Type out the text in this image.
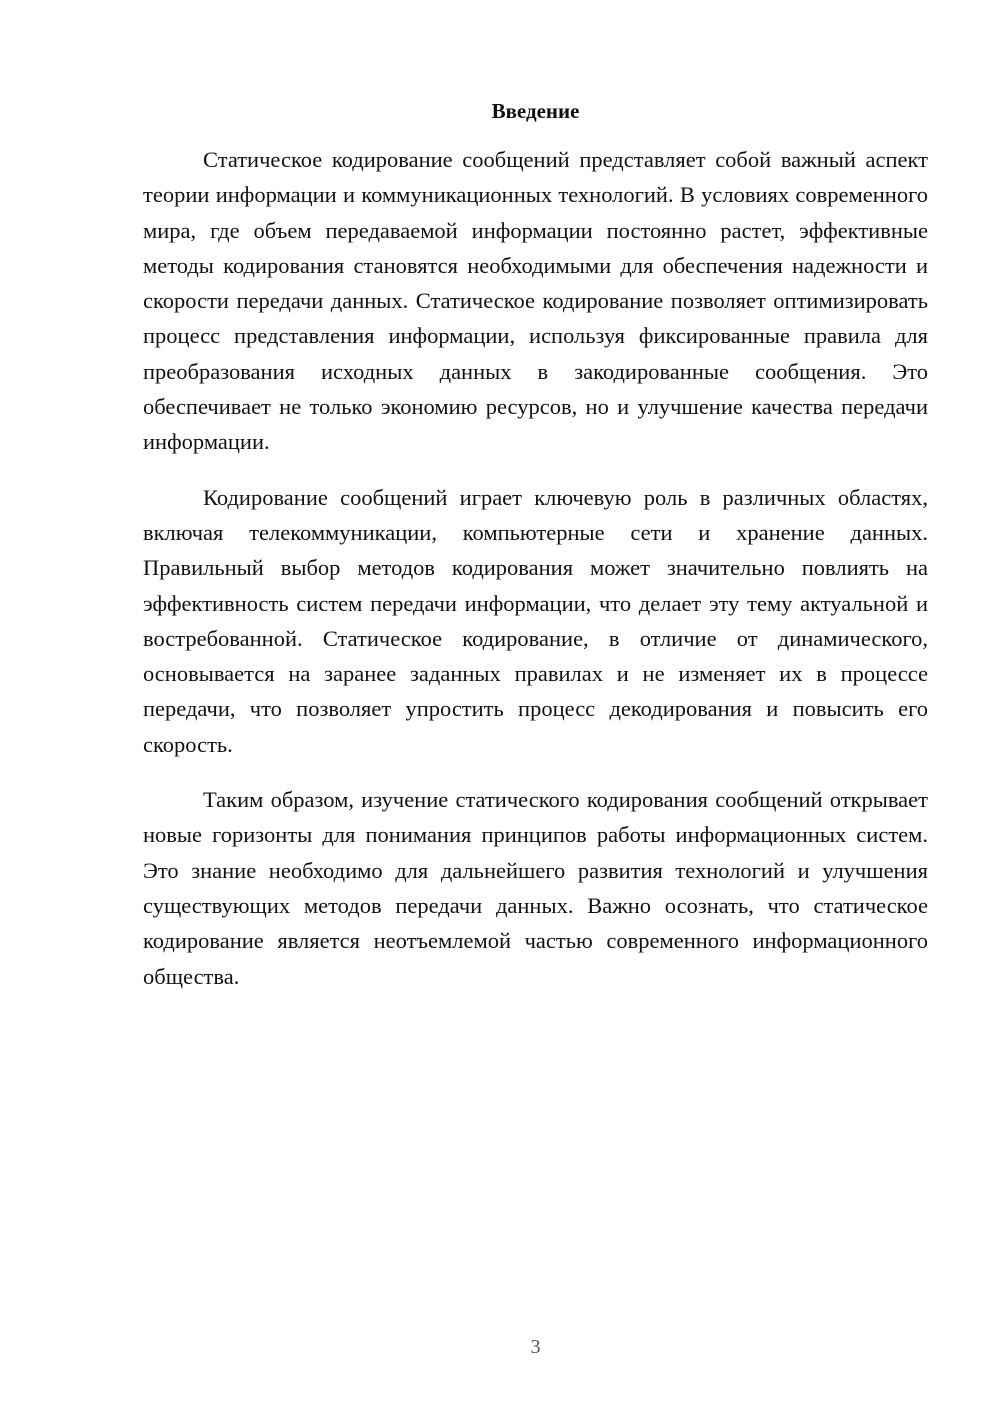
Введение

Статическое кодирование сообщений представляет собой важный аспект теории информации и коммуникационных технологий. В условиях современного мира, где объем передаваемой информации постоянно растет, эффективные методы кодирования становятся необходимыми для обеспечения надежности и скорости передачи данных. Статическое кодирование позволяет оптимизировать процесс представления информации, используя фиксированные правила для преобразования исходных данных в закодированные сообщения. Это обеспечивает не только экономию ресурсов, но и улучшение качества передачи информации.

Кодирование сообщений играет ключевую роль в различных областях, включая телекоммуникации, компьютерные сети и хранение данных. Правильный выбор методов кодирования может значительно повлиять на эффективность систем передачи информации, что делает эту тему актуальной и востребованной. Статическое кодирование, в отличие от динамического, основывается на заранее заданных правилах и не изменяет их в процессе передачи, что позволяет упростить процесс декодирования и повысить его скорость.

Таким образом, изучение статического кодирования сообщений открывает новые горизонты для понимания принципов работы информационных систем. Это знание необходимо для дальнейшего развития технологий и улучшения существующих методов передачи данных. Важно осознать, что статическое кодирование является неотъемлемой частью современного информационного общества.

3
